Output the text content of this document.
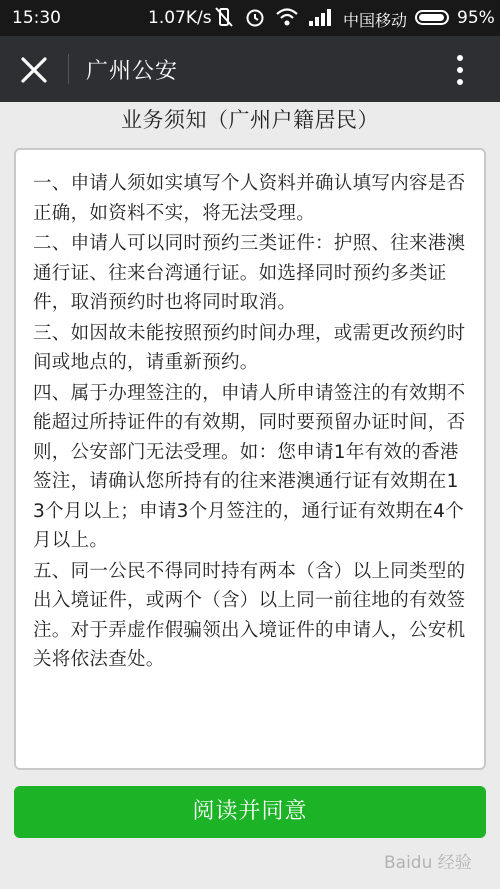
15:30	1.07K/s	中国移动	95%
广州公安
业务须知（广州户籍居民）

一、申请人须如实填写个人资料并确认填写内容是否正确，如资料不实，将无法受理。

二、申请人可以同时预约三类证件：护照、往来港澳通行证、往来台湾通行证。如选择同时预约多类证件，取消预约时也将同时取消。

三、如因故未能按照预约时间办理，或需更改预约时间或地点的，请重新预约。

四、属于办理签注的，申请人所申请签注的有效期不能超过所持证件的有效期，同时要预留办证时间，否则，公安部门无法受理。如：您申请1年有效的香港签注，请确认您所持有的往来港澳通行证有效期在13个月以上；申请3个月签注的，通行证有效期在4个月以上。

五、同一公民不得同时持有两本（含）以上同类型的出入境证件，或两个（含）以上同一前往地的有效签注。对于弄虚作假骗领出入境证件的申请人，公安机关将依法查处。

阅读并同意
Baidu 经验
